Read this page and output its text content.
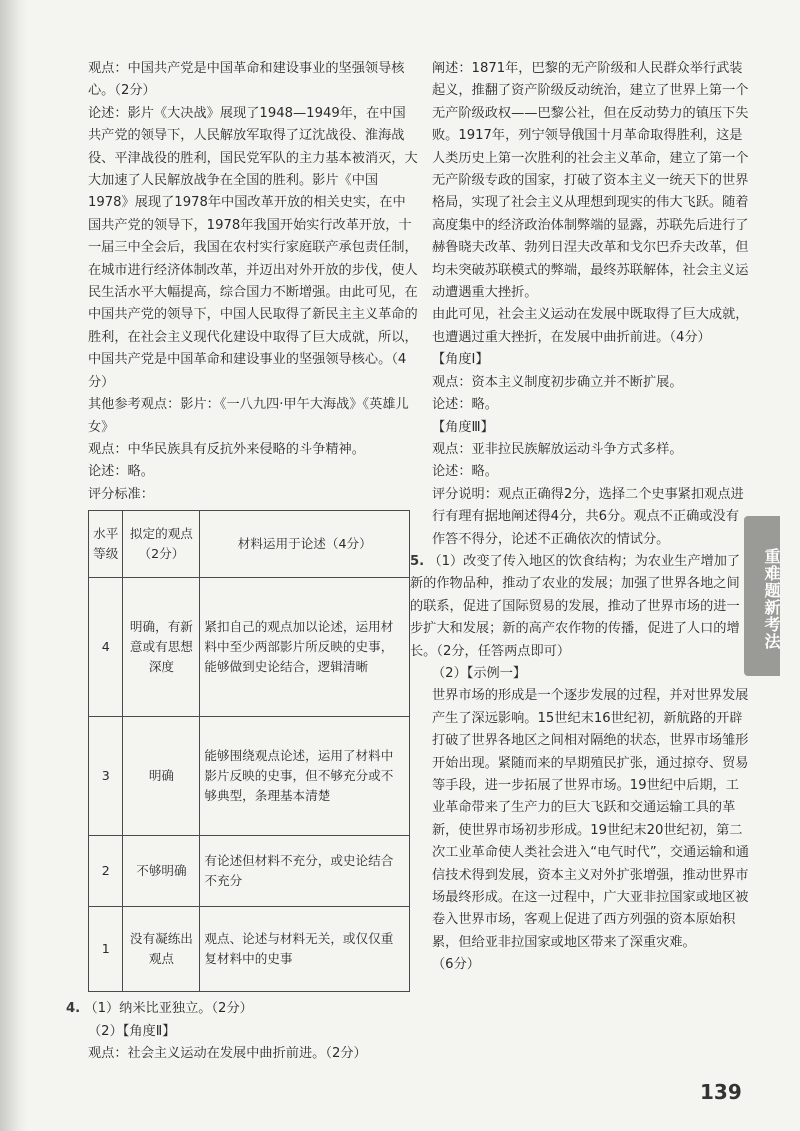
观点：中国共产党是中国革命和建设事业的坚强领导核心。（2分）

论述：影片《大决战》展现了1948—1949年，在中国共产党的领导下，人民解放军取得了辽沈战役、淮海战役、平津战役的胜利，国民党军队的主力基本被消灭，大大加速了人民解放战争在全国的胜利。影片《中国1978》展现了1978年中国改革开放的相关史实，在中国共产党的领导下，1978年我国开始实行改革开放，十一届三中全会后，我国在农村实行家庭联产承包责任制，在城市进行经济体制改革，并迈出对外开放的步伐，使人民生活水平大幅提高，综合国力不断增强。由此可见，在中国共产党的领导下，中国人民取得了新民主主义革命的胜利，在社会主义现代化建设中取得了巨大成就，所以，中国共产党是中国革命和建设事业的坚强领导核心。（4分）

其他参考观点：影片：《一八九四·甲午大海战》《英雄儿女》

观点：中华民族具有反抗外来侵略的斗争精神。

论述：略。

评分标准：

水平等级	拟定的观点（2分）	材料运用于论述（4分）
4	明确，有新意或有思想深度	紧扣自己的观点加以论述，运用材料中至少两部影片所反映的史事，能够做到史论结合，逻辑清晰
3	明确	能够围绕观点论述，运用了材料中影片反映的史事，但不够充分或不够典型，条理基本清楚
2	不够明确	有论述但材料不充分，或史论结合不充分
1	没有凝练出观点	观点、论述与材料无关，或仅仅重复材料中的史事

4. （1）纳米比亚独立。（2分）

（2）【角度Ⅱ】

观点：社会主义运动在发展中曲折前进。（2分）

阐述：1871年，巴黎的无产阶级和人民群众举行武装起义，推翻了资产阶级反动统治，建立了世界上第一个无产阶级政权——巴黎公社，但在反动势力的镇压下失败。1917年，列宁领导俄国十月革命取得胜利，这是人类历史上第一次胜利的社会主义革命，建立了第一个无产阶级专政的国家，打破了资本主义一统天下的世界格局，实现了社会主义从理想到现实的伟大飞跃。随着高度集中的经济政治体制弊端的显露，苏联先后进行了赫鲁晓夫改革、勃列日涅夫改革和戈尔巴乔夫改革，但均未突破苏联模式的弊端，最终苏联解体，社会主义运动遭遇重大挫折。

由此可见，社会主义运动在发展中既取得了巨大成就，也遭遇过重大挫折，在发展中曲折前进。（4分）

【角度Ⅰ】

观点：资本主义制度初步确立并不断扩展。

论述：略。

【角度Ⅲ】

观点：亚非拉民族解放运动斗争方式多样。

论述：略。

评分说明：观点正确得2分，选择二个史事紧扣观点进行有理有据地阐述得4分，共6分。观点不正确或没有作答不得分，论述不正确依次的情试分。

5. （1）改变了传入地区的饮食结构；为农业生产增加了新的作物品种，推动了农业的发展；加强了世界各地之间的联系，促进了国际贸易的发展，推动了世界市场的进一步扩大和发展；新的高产农作物的传播，促进了人口的增长。（2分，任答两点即可）

（2）【示例一】

世界市场的形成是一个逐步发展的过程，并对世界发展产生了深远影响。15世纪末16世纪初，新航路的开辟打破了世界各地区之间相对隔绝的状态，世界市场雏形开始出现。紧随而来的早期殖民扩张，通过掠夺、贸易等手段，进一步拓展了世界市场。19世纪中后期，工业革命带来了生产力的巨大飞跃和交通运输工具的革新，使世界市场初步形成。19世纪末20世纪初，第二次工业革命使人类社会进入“电气时代”，交通运输和通信技术得到发展，资本主义对外扩张增强，推动世界市场最终形成。在这一过程中，广大亚非拉国家或地区被卷入世界市场，客观上促进了西方列强的资本原始积累，但给亚非拉国家或地区带来了深重灾难。

（6分）

重难题新考法
139
